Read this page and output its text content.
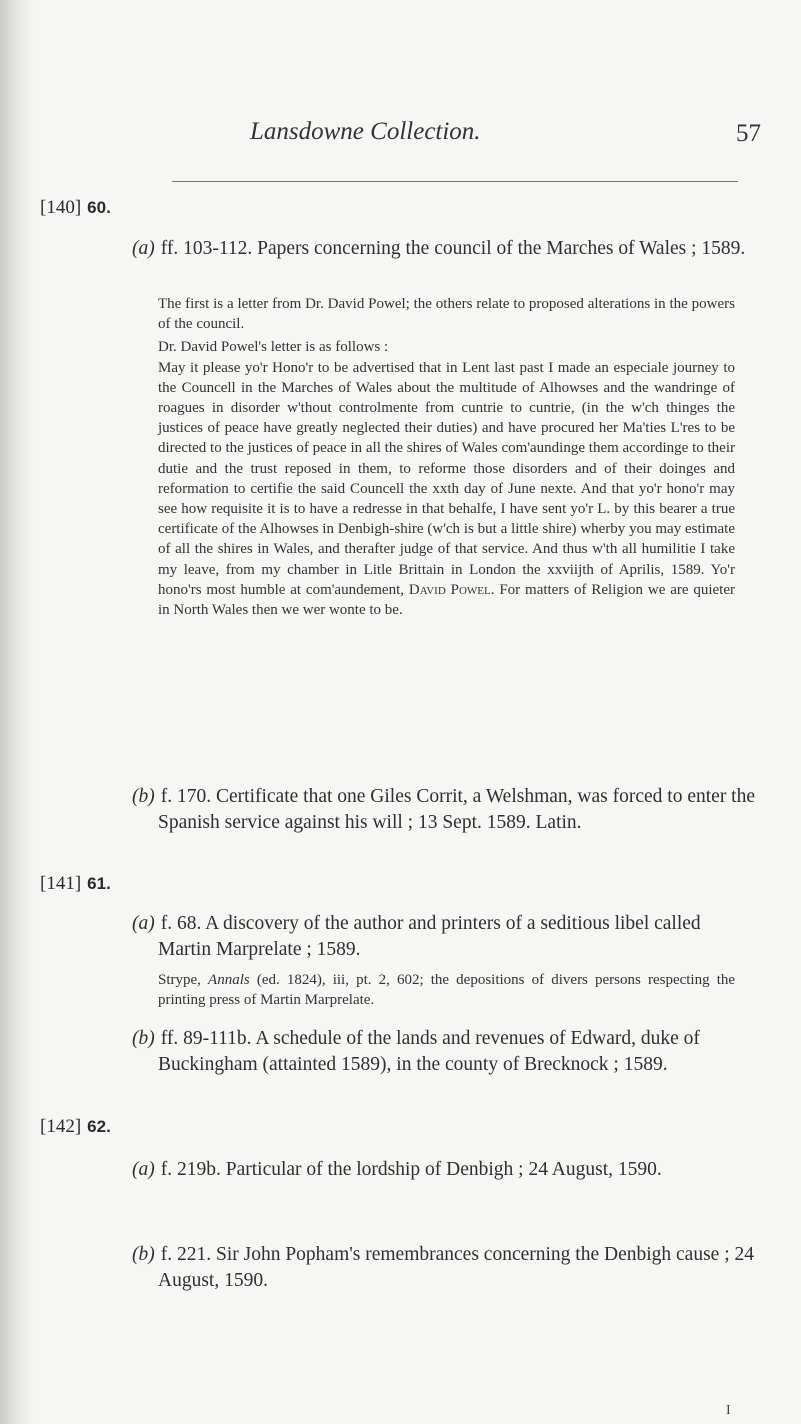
Lansdowne Collection.	57
[140] 60.
(a) ff. 103-112. Papers concerning the council of the Marches of Wales ; 1589.

The first is a letter from Dr. David Powel; the others relate to proposed alterations in the powers of the council.

Dr. David Powel's letter is as follows :

May it please yo'r Hono'r to be advertised that in Lent last past I made an especiale journey to the Councell in the Marches of Wales about the multitude of Alhowses and the wandringe of roagues in disorder w'thout controlmente from cuntrie to cuntrie, (in the w'ch thinges the justices of peace have greatly neglected their duties) and have procured her Ma'ties L'res to be directed to the justices of peace in all the shires of Wales com'aundinge them accordinge to their dutie and the trust reposed in them, to reforme those disorders and of their doinges and reformation to certifie the said Councell the xxth day of June nexte. And that yo'r hono'r may see how requisite it is to have a redresse in that behalfe, I have sent yo'r L. by this bearer a true certificate of the Alhowses in Denbigh-shire (w'ch is but a little shire) wherby you may estimate of all the shires in Wales, and therafter judge of that service. And thus w'th all humilitie I take my leave, from my chamber in Litle Brittain in London the xxviijth of Aprilis, 1589. Yo'r hono'rs most humble at com'aundement, David Powel. For matters of Religion we are quieter in North Wales then we wer wonte to be.

(b) f. 170. Certificate that one Giles Corrit, a Welshman, was forced to enter the Spanish service against his will ; 13 Sept. 1589. Latin.
[141] 61.
(a) f. 68. A discovery of the author and printers of a seditious libel called Martin Marprelate ; 1589.

Strype, Annals (ed. 1824), iii, pt. 2, 602; the depositions of divers persons respecting the printing press of Martin Marprelate.

(b) ff. 89-111b. A schedule of the lands and revenues of Edward, duke of Buckingham (attainted 1589), in the county of Brecknock ; 1589.
[142] 62.
(a) f. 219b. Particular of the lordship of Denbigh ; 24 August, 1590.
(b) f. 221. Sir John Popham's remembrances concerning the Denbigh cause ; 24 August, 1590.
I
